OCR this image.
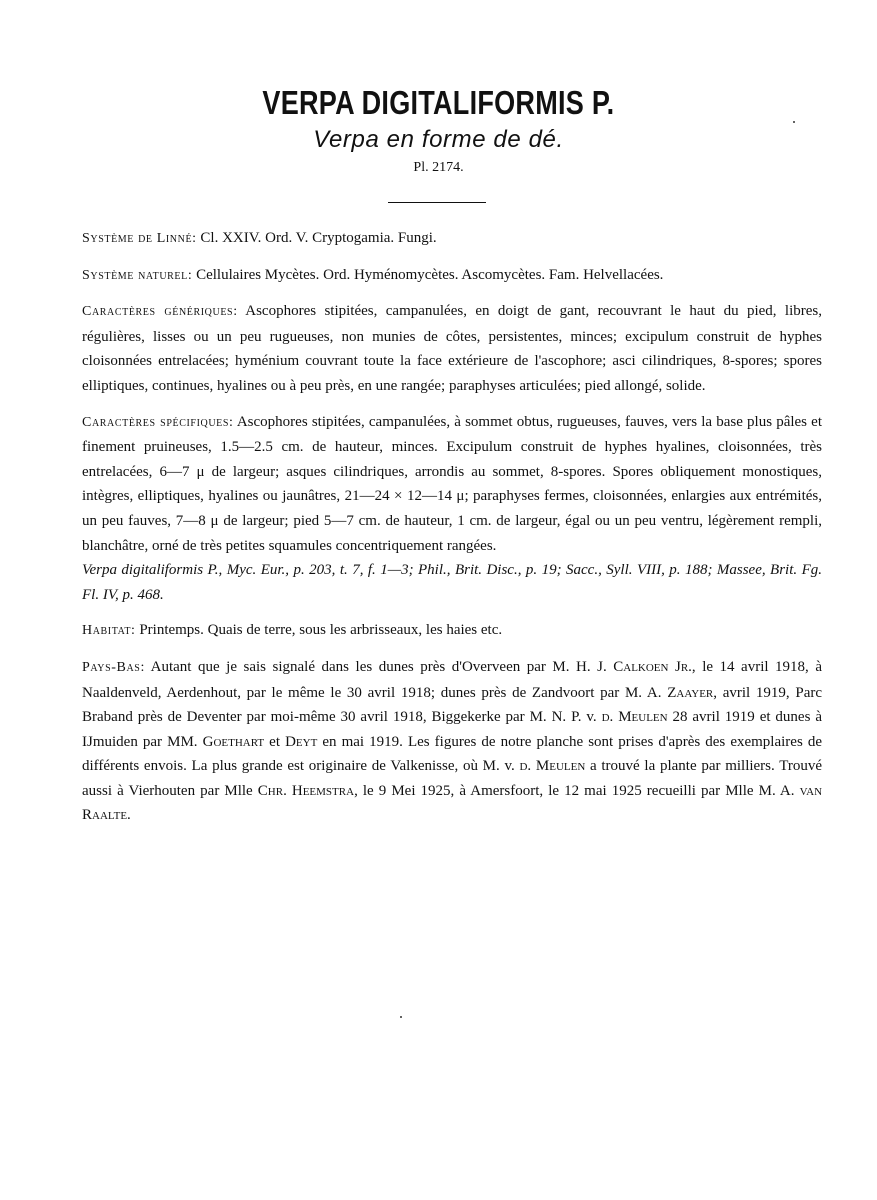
VERPA DIGITALIFORMIS P.
Verpa en forme de dé.
Pl. 2174.

Système de Linné: Cl. XXIV. Ord. V. Cryptogamia. Fungi.

Système naturel: Cellulaires Mycètes. Ord. Hyménomycètes. Ascomycètes. Fam. Helvellacées.

Caractères génériques: Ascophores stipitées, campanulées, en doigt de gant, recouvrant le haut du pied, libres, régulières, lisses ou un peu rugueuses, non munies de côtes, persistentes, minces; excipulum construit de hyphes cloisonnées entrelacées; hyménium couvrant toute la face extérieure de l'ascophore; asci cilindriques, 8-spores; spores elliptiques, continues, hyalines ou à peu près, en une rangée; paraphyses articulées; pied allongé, solide.

Caractères spécifiques: Ascophores stipitées, campanulées, à sommet obtus, rugueuses, fauves, vers la base plus pâles et finement pruineuses, 1.5—2.5 cm. de hauteur, minces. Excipulum construit de hyphes hyalines, cloisonnées, très entrelacées, 6—7 μ de largeur; asques cilindriques, arrondis au sommet, 8-spores. Spores obliquement monostiques, intègres, elliptiques, hyalines ou jaunâtres, 21—24 × 12—14 μ; paraphyses fermes, cloisonnées, enlargies aux entrémités, un peu fauves, 7—8 μ de largeur; pied 5—7 cm. de hauteur, 1 cm. de largeur, égal ou un peu ventru, légèrement rempli, blanchâtre, orné de très petites squamules concentriquement rangées.

Verpa digitaliformis P., Myc. Eur., p. 203, t. 7, f. 1—3; Phil., Brit. Disc., p. 19; Sacc., Syll. VIII, p. 188; Massee, Brit. Fg. Fl. IV, p. 468.

Habitat: Printemps. Quais de terre, sous les arbrisseaux, les haies etc.

Pays-Bas: Autant que je sais signalé dans les dunes près d'Overveen par M. H. J. Calkoen Jr., le 14 avril 1918, à Naaldenveld, Aerdenhout, par le même le 30 avril 1918; dunes près de Zandvoort par M. A. Zaayer, avril 1919, Parc Braband près de Deventer par moi-même 30 avril 1918, Biggekerke par M. N. P. v. d. Meulen 28 avril 1919 et dunes à IJmuiden par MM. Goethart et Deyt en mai 1919. Les figures de notre planche sont prises d'après des exemplaires de différents envois. La plus grande est originaire de Valkenisse, où M. v. d. Meulen a trouvé la plante par milliers. Trouvé aussi à Vierhouten par Mlle Chr. Heemstra, le 9 Mei 1925, à Amersfoort, le 12 mai 1925 recueilli par Mlle M. A. van Raalte.
